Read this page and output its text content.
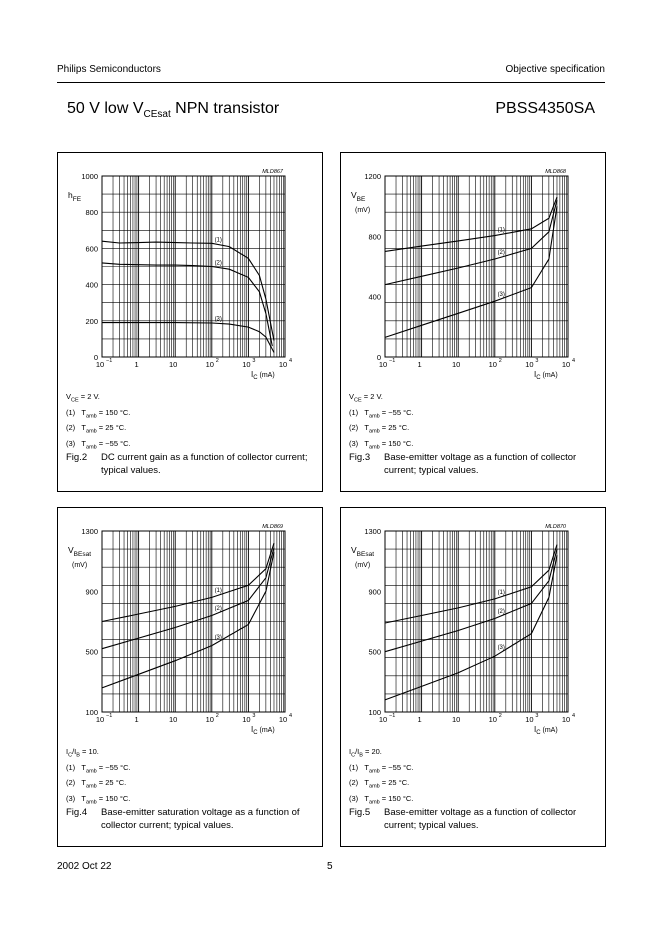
Philips Semiconductors	Objective specification
50 V low $V_{CEsat}$ NPN transistor	PBSS4350SA
0
200
400
600
800
1000
10 −1	1	10	10 2	10 3	10 4
MLD867
$h_{FE}$
$I_C$ (mA)
(1)
(2)
(3)
$V_{CE} = 2$ V.
(1)   $T_{amb} = 150$ °C.
(2)   $T_{amb} = 25$ °C.
(3)   $T_{amb} = -55$ °C.
Fig.2 DC current gain as a function of collector current; typical values.
0
400
800
1200
10 −1	1	10	10 2	10 3	10 4
MLD868
$V_{BE}$
(mV)
$I_C$ (mA)
(1)
(2)
(3)
$V_{CE} = 2$ V.
(1)   $T_{amb} = -55$ °C.
(2)   $T_{amb} = 25$ °C.
(3)   $T_{amb} = 150$ °C.
Fig.3 Base-emitter voltage as a function of collector current; typical values.
100
500
900
1300
10 −1	1	10	10 2	10 3	10 4
MLD869
$V_{BEsat}$
(mV)
$I_C$ (mA)
(1)
(2)
(3)
$I_C/I_B = 10$.
(1)   $T_{amb} = -55$ °C.
(2)   $T_{amb} = 25$ °C.
(3)   $T_{amb} = 150$ °C.
Fig.4 Base-emitter saturation voltage as a function of collector current; typical values.
100
500
900
1300
10 −1	1	10	10 2	10 3	10 4
MLD870
$V_{BEsat}$
(mV)
$I_C$ (mA)
(1)
(2)
(3)
$I_C/I_B = 20$.
(1)   $T_{amb} = -55$ °C.
(2)   $T_{amb} = 25$ °C.
(3)   $T_{amb} = 150$ °C.
Fig.5 Base-emitter voltage as a function of collector current; typical values.
2002 Oct 22	5
